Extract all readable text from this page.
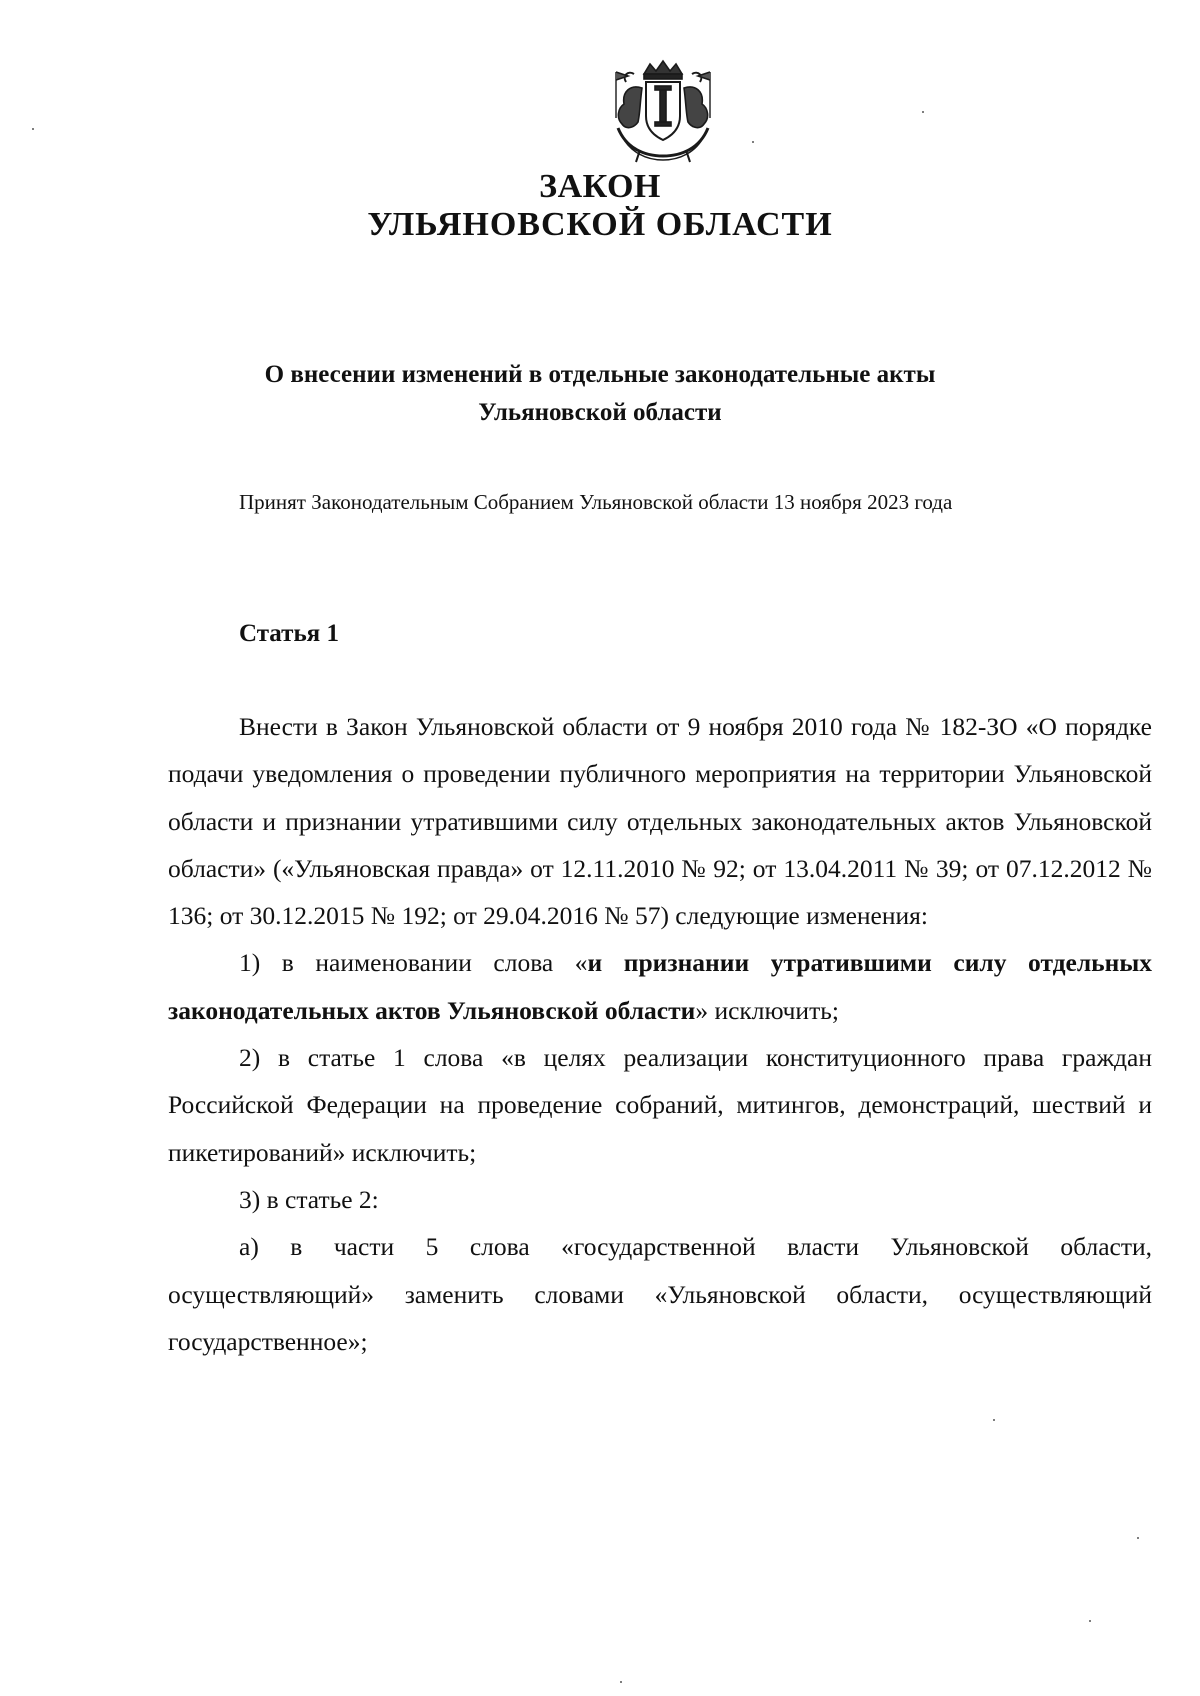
ЗАКОН
УЛЬЯНОВСКОЙ ОБЛАСТИ
О внесении изменений в отдельные законодательные акты
Ульяновской области
Принят Законодательным Собранием Ульяновской области 13 ноября 2023 года
Статья 1

Внести в Закон Ульяновской области от 9 ноября 2010 года № 182-ЗО «О порядке подачи уведомления о проведении публичного мероприятия на территории Ульяновской области и признании утратившими силу отдельных законодательных актов Ульяновской области» («Ульяновская правда» от 12.11.2010 № 92; от 13.04.2011 № 39; от 07.12.2012 № 136; от 30.12.2015 № 192; от 29.04.2016 № 57) следующие изменения:

1) в наименовании слова «и признании утратившими силу отдельных законодательных актов Ульяновской области» исключить;

2) в статье 1 слова «в целях реализации конституционного права граждан Российской Федерации на проведение собраний, митингов, демонстраций, шествий и пикетирований» исключить;

3) в статье 2:

а) в части 5 слова «государственной власти Ульяновской области, осуществляющий» заменить словами «Ульяновской области, осуществляющий государственное»;
